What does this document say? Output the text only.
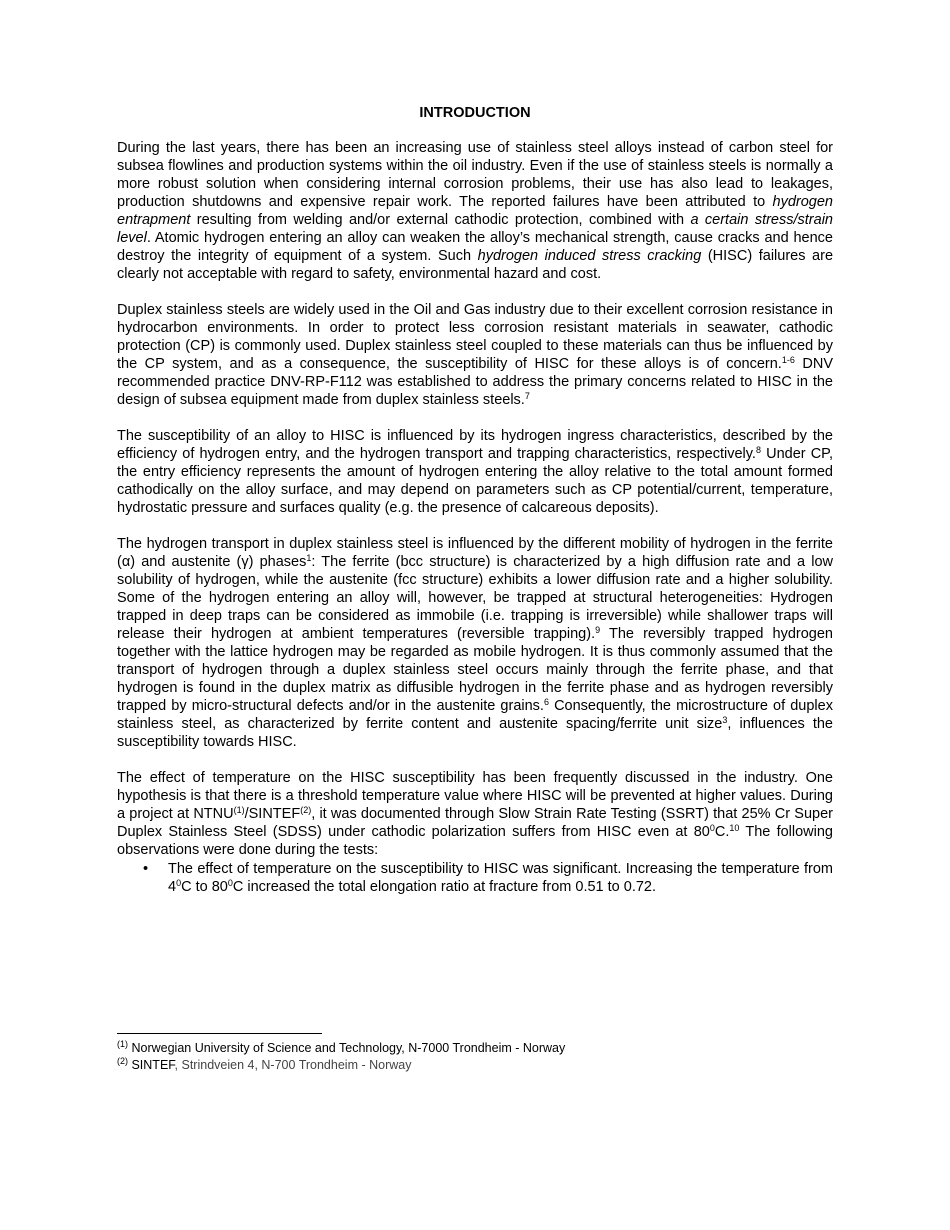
INTRODUCTION

During the last years, there has been an increasing use of stainless steel alloys instead of carbon steel for subsea flowlines and production systems within the oil industry. Even if the use of stainless steels is normally a more robust solution when considering internal corrosion problems, their use has also lead to leakages, production shutdowns and expensive repair work. The reported failures have been attributed to hydrogen entrapment resulting from welding and/or external cathodic protection, combined with a certain stress/strain level. Atomic hydrogen entering an alloy can weaken the alloy’s mechanical strength, cause cracks and hence destroy the integrity of equipment of a system. Such hydrogen induced stress cracking (HISC) failures are clearly not acceptable with regard to safety, environmental hazard and cost.

Duplex stainless steels are widely used in the Oil and Gas industry due to their excellent corrosion resistance in hydrocarbon environments. In order to protect less corrosion resistant materials in seawater, cathodic protection (CP) is commonly used. Duplex stainless steel coupled to these materials can thus be influenced by the CP system, and as a consequence, the susceptibility of HISC for these alloys is of concern.$^{1-6}$ DNV recommended practice DNV-RP-F112 was established to address the primary concerns related to HISC in the design of subsea equipment made from duplex stainless steels.$^7$

The susceptibility of an alloy to HISC is influenced by its hydrogen ingress characteristics, described by the efficiency of hydrogen entry, and the hydrogen transport and trapping characteristics, respectively.$^8$ Under CP, the entry efficiency represents the amount of hydrogen entering the alloy relative to the total amount formed cathodically on the alloy surface, and may depend on parameters such as CP potential/current, temperature, hydrostatic pressure and surfaces quality (e.g. the presence of calcareous deposits).

The hydrogen transport in duplex stainless steel is influenced by the different mobility of hydrogen in the ferrite (α) and austenite (γ) phases$^1$: The ferrite (bcc structure) is characterized by a high diffusion rate and a low solubility of hydrogen, while the austenite (fcc structure) exhibits a lower diffusion rate and a higher solubility. Some of the hydrogen entering an alloy will, however, be trapped at structural heterogeneities: Hydrogen trapped in deep traps can be considered as immobile (i.e. trapping is irreversible) while shallower traps will release their hydrogen at ambient temperatures (reversible trapping).$^9$ The reversibly trapped hydrogen together with the lattice hydrogen may be regarded as mobile hydrogen. It is thus commonly assumed that the transport of hydrogen through a duplex stainless steel occurs mainly through the ferrite phase, and that hydrogen is found in the duplex matrix as diffusible hydrogen in the ferrite phase and as hydrogen reversibly trapped by micro-structural defects and/or in the austenite grains.$^6$ Consequently, the microstructure of duplex stainless steel, as characterized by ferrite content and austenite spacing/ferrite unit size$^3$, influences the susceptibility towards HISC.

The effect of temperature on the HISC susceptibility has been frequently discussed in the industry. One hypothesis is that there is a threshold temperature value where HISC will be prevented at higher values. During a project at NTNU$^{(1)}$/SINTEF$^{(2)}$, it was documented through Slow Strain Rate Testing (SSRT) that 25% Cr Super Duplex Stainless Steel (SDSS) under cathodic polarization suffers from HISC even at $80^0C.^{10}$ The following observations were done during the tests:

• The effect of temperature on the susceptibility to HISC was significant. Increasing the temperature from $4^0C$ to $80^0C$ increased the total elongation ratio at fracture from 0.51 to 0.72.

$^{(1)}$ Norwegian University of Science and Technology, N-7000 Trondheim - Norway

$^{(2)}$ SINTEF, Strindveien 4, N-700 Trondheim - Norway
